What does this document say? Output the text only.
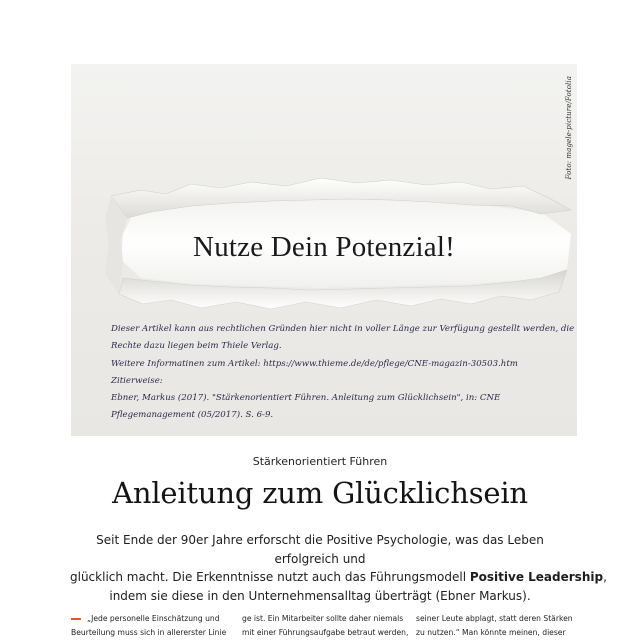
Foto: magele-picture/Fotolia
Nutze Dein Potenzial!
Dieser Artikel kann aus rechtlichen Gründen hier nicht in voller Länge zur Verfügung gestellt werden, die
Rechte dazu liegen beim Thiele Verlag.
Weitere Informatinen zum Artikel: https://www.thieme.de/de/pflege/CNE-magazin-30503.htm
Zitierweise:
Ebner, Markus (2017). "Stärkenorientiert Führen. Anleitung zum Glücklichsein", in: CNE
Pflegemanagement (05/2017). S. 6-9.
Stärkenorientiert Führen
Anleitung zum Glücklichsein
Seit Ende der 90er Jahre erforscht die Positive Psychologie, was das Leben erfolgreich und
glücklich macht. Die Erkenntnisse nutzt auch das Führungsmodell Positive Leadership,
indem sie diese in den Unternehmensalltag überträgt (Ebner Markus).
„Jede personelle Einschätzung und
Beurteilung muss sich in allererster Linie
ge ist. Ein Mitarbeiter sollte daher niemals
mit einer Führungsaufgabe betraut werden,
seiner Leute abplagt, statt deren Stärken
zu nutzen.“ Man könnte meinen, dieser
